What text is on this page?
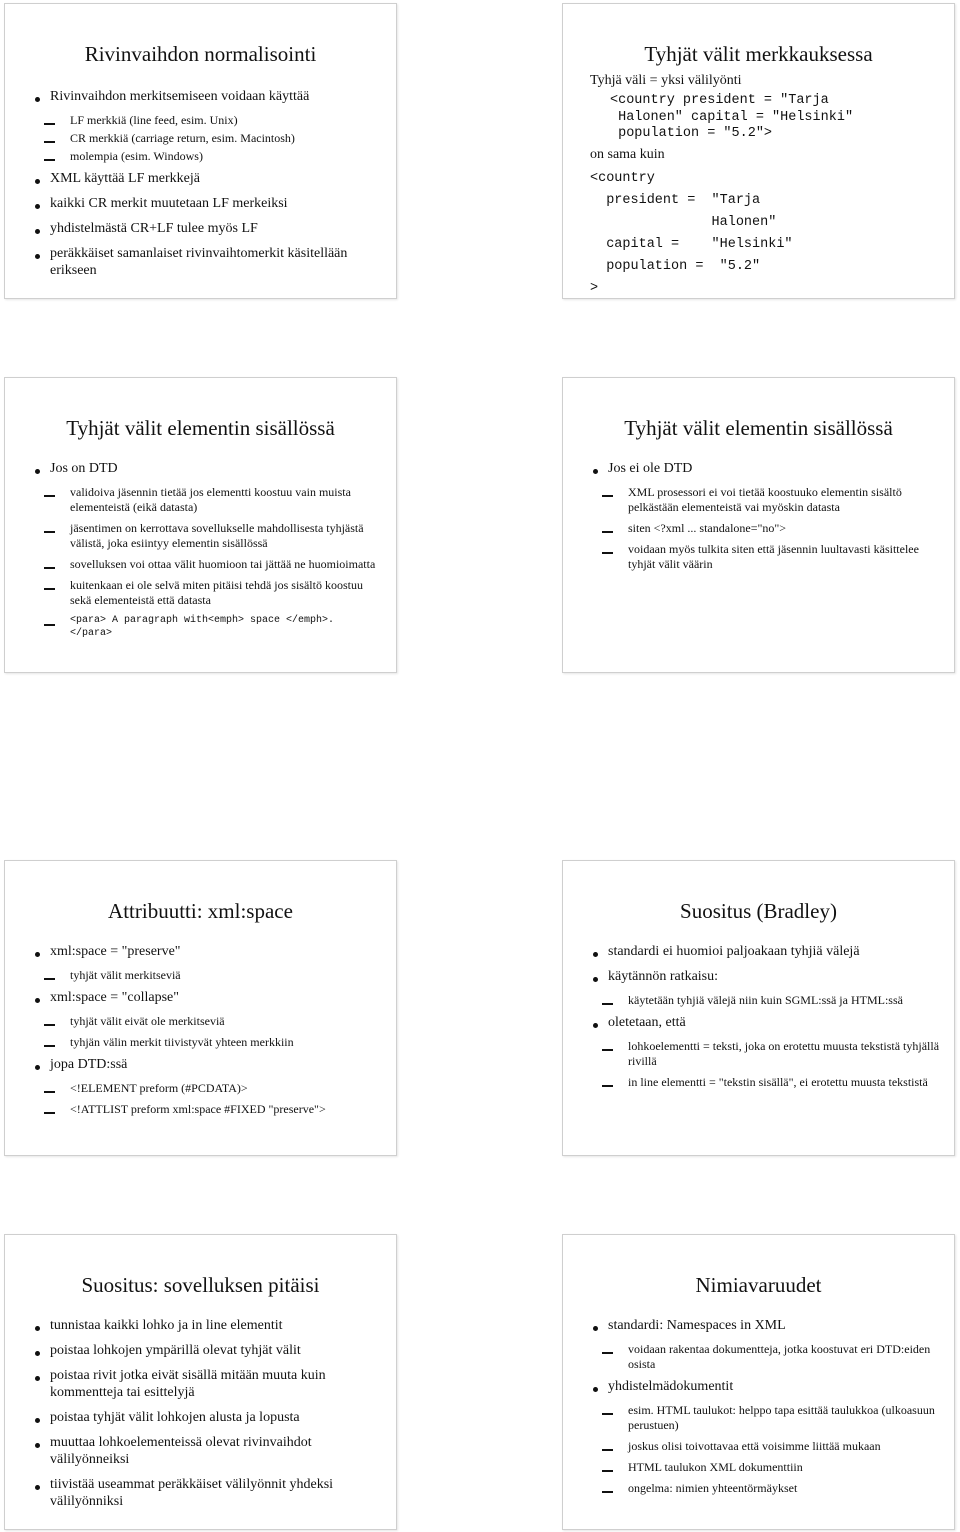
Rivinvaihdon normalisointi
Rivinvaihdon merkitsemiseen voidaan käyttää
LF merkkiä (line feed, esim. Unix)
CR merkkiä (carriage return, esim. Macintosh)
molempia (esim. Windows)
XML käyttää LF merkkejä
kaikki CR merkit muutetaan LF merkeiksi
yhdistelmästä CR+LF tulee myös LF
peräkkäiset samanlaiset rivinvaihtomerkit käsitellään erikseen
Tyhjät välit merkkauksessa

Tyhjä väli = yksi välilyönti

<country president = "Tarja
Halonen" capital = "Helsinki"
population = "5.2">

on sama kuin

<country
president =  "Tarja
Halonen"
capital =    "Helsinki"
population =  "5.2"
>
Tyhjät välit elementin sisällössä
Jos on DTD
validoiva jäsennin tietää jos elementti koostuu vain muista elementeistä (eikä datasta)
jäsentimen on kerrottava sovellukselle mahdollisesta tyhjästä välistä, joka esiintyy elementin sisällössä
sovelluksen voi ottaa välit huomioon tai jättää ne huomioimatta
kuitenkaan ei ole selvä miten pitäisi tehdä jos sisältö koostuu sekä elementeistä että datasta
<para> A paragraph with<emph> space </emph>. </para>
Tyhjät välit elementin sisällössä
Jos ei ole DTD
XML prosessori ei voi tietää koostuuko elementin sisältö pelkästään elementeistä vai myöskin datasta
siten <?xml ... standalone="no">
voidaan myös tulkita siten että jäsennin luultavasti käsittelee tyhjät välit väärin
Attribuutti: xml:space
xml:space = "preserve"
tyhjät välit merkitseviä
xml:space = "collapse"
tyhjät välit eivät ole merkitseviä
tyhjän välin merkit tiivistyvät yhteen merkkiin
jopa DTD:ssä
<!ELEMENT preform (#PCDATA)>
<!ATTLIST preform xml:space #FIXED "preserve">
Suositus (Bradley)
standardi ei huomioi paljoakaan tyhjiä välejä
käytännön ratkaisu:
käytetään tyhjiä välejä niin kuin SGML:ssä ja HTML:ssä
oletetaan, että
lohkoelementti = teksti, joka on erotettu muusta tekstistä tyhjällä rivillä
in line elementti = "tekstin sisällä", ei erotettu muusta tekstistä
Suositus: sovelluksen pitäisi
tunnistaa kaikki lohko ja in line elementit
poistaa lohkojen ympärillä olevat tyhjät välit
poistaa rivit jotka eivät sisällä mitään muuta kuin kommentteja tai esittelyjä
poistaa tyhjät välit lohkojen alusta ja lopusta
muuttaa lohkoelementeissä olevat rivinvaihdot välilyönneiksi
tiivistää useammat peräkkäiset välilyönnit yhdeksi välilyönniksi
Nimiavaruudet
standardi: Namespaces in XML
voidaan rakentaa dokumentteja, jotka koostuvat eri DTD:eiden osista
yhdistelmädokumentit
esim. HTML taulukot: helppo tapa esittää taulukkoa (ulkoasuun perustuen)
joskus olisi toivottavaa että voisimme liittää mukaan
HTML taulukon XML dokumenttiin
ongelma: nimien yhteentörmäykset
